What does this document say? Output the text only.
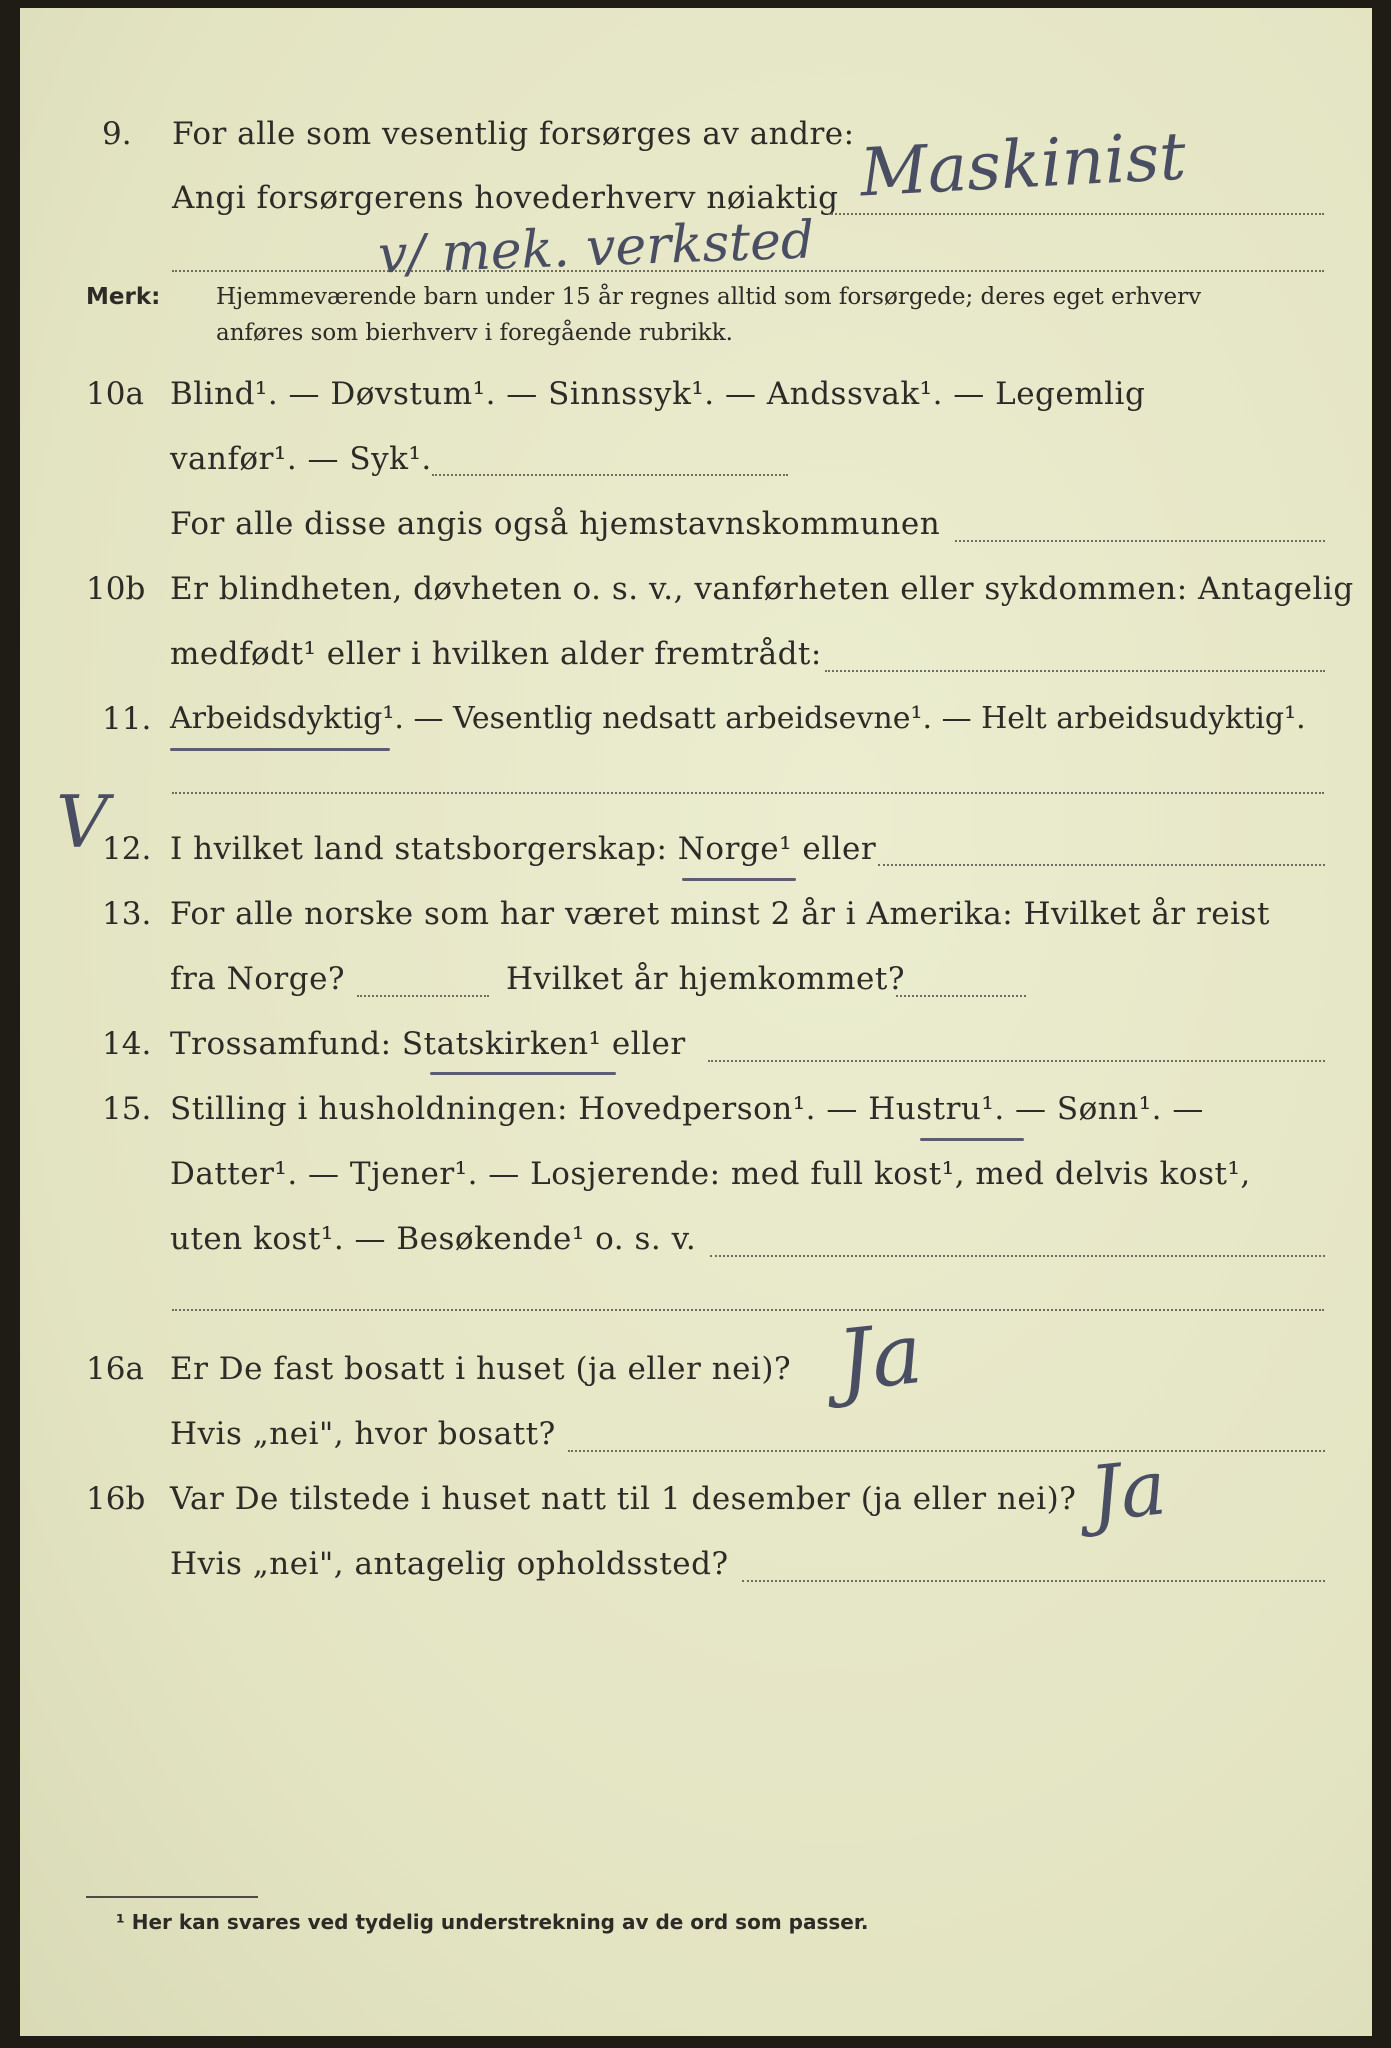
9. For alle som vesentlig forsørges av andre:
Angi forsørgerens hovederhverv nøiaktig Maskinist
v/ mek. verksted
Merk: Hjemmeværende barn under 15 år regnes alltid som forsørgede; deres eget erhverv
anføres som bierhverv i foregående rubrikk.
10a Blind¹. — Døvstum¹. — Sinnssyk¹. — Andssvak¹. — Legemlig
vanfør¹. — Syk¹.
For alle disse angis også hjemstavnskommunen
10b Er blindheten, døvheten o. s. v., vanførheten eller sykdommen: Antagelig
medfødt¹ eller i hvilken alder fremtrådt:
11. Arbeidsdyktig¹. — Vesentlig nedsatt arbeidsevne¹. — Helt arbeidsudyktig¹.
V
12. I hvilket land statsborgerskap: Norge¹ eller
13. For alle norske som har været minst 2 år i Amerika: Hvilket år reist
fra Norge?	Hvilket år hjemkommet?
14. Trossamfund: Statskirken¹ eller
15. Stilling i husholdningen: Hovedperson¹. — Hustru¹. — Sønn¹. —
Datter¹. — Tjener¹. — Losjerende: med full kost¹, med delvis kost¹,
uten kost¹. — Besøkende¹ o. s. v.
16a Er De fast bosatt i huset (ja eller nei)? Ja
Hvis „nei", hvor bosatt?
16b Var De tilstede i huset natt til 1 desember (ja eller nei)? Ja
Hvis „nei", antagelig opholdssted?
¹ Her kan svares ved tydelig understrekning av de ord som passer.
